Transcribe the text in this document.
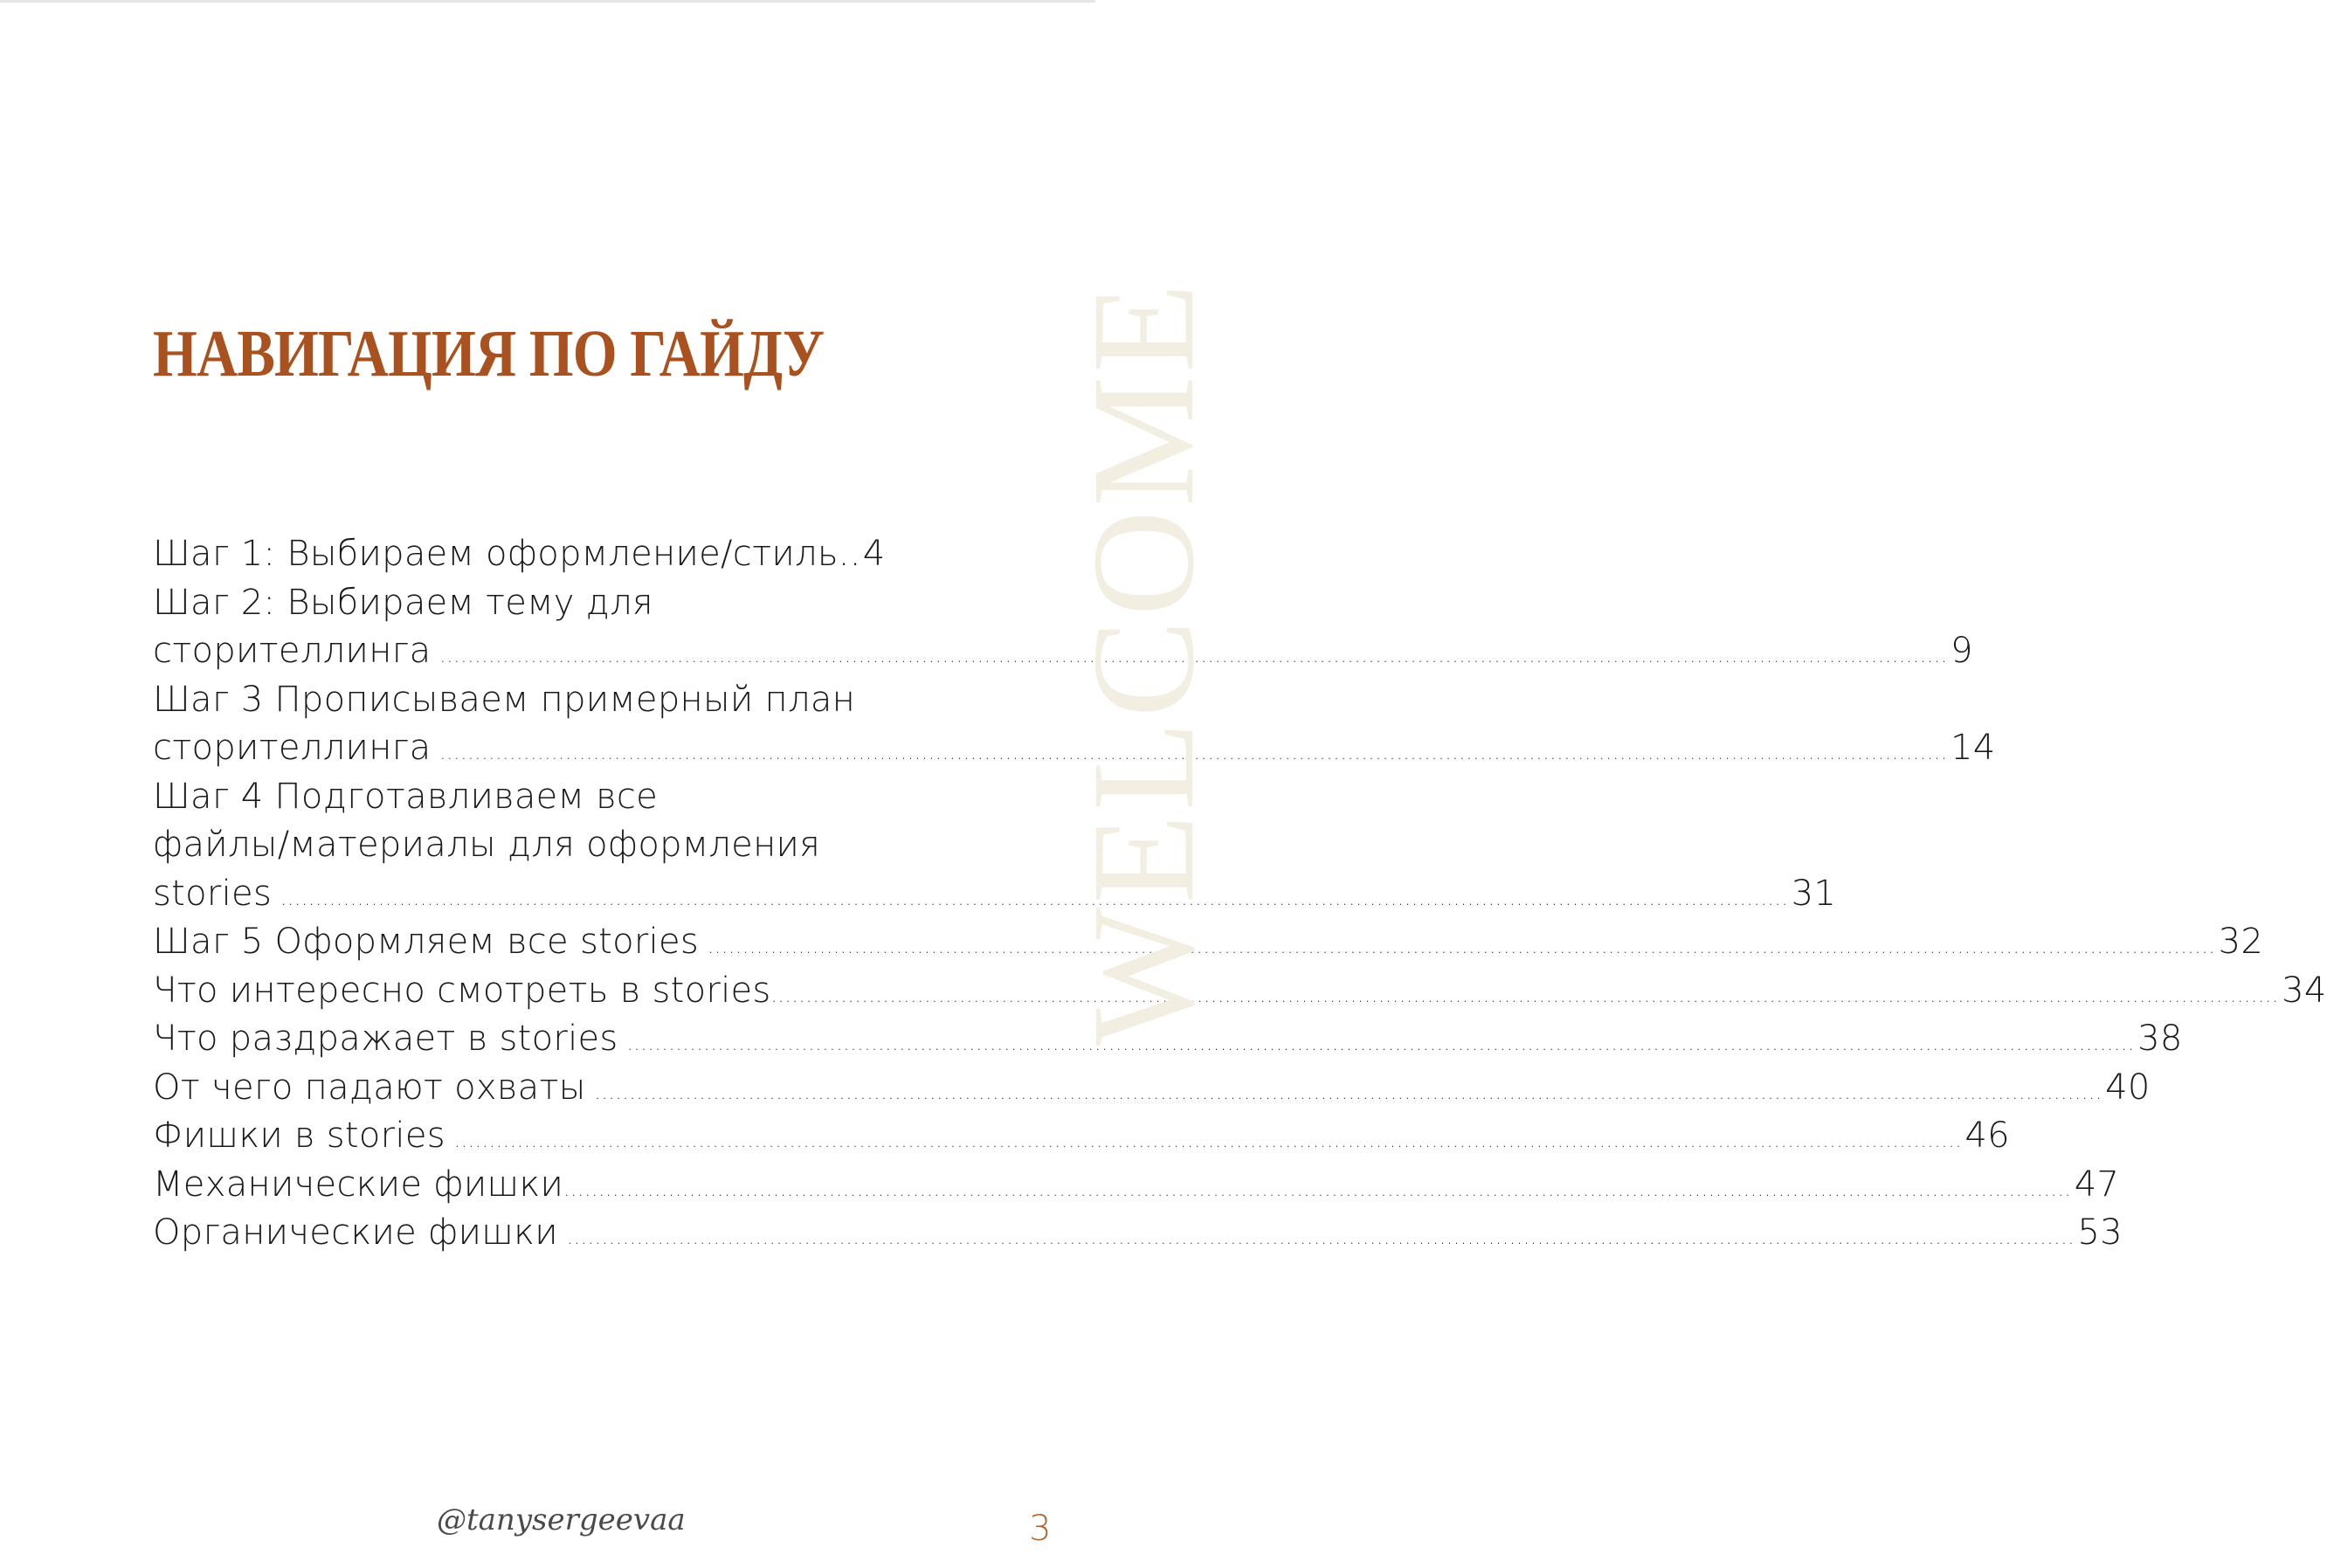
НАВИГАЦИЯ ПО ГАЙДУ
Шаг 1: Выбираем оформление/стиль.. 4
Шаг 2: Выбираем тему для
сторителлинга .....	9
Шаг 3 Прописываем примерный план
сторителлинга .....	14
Шаг 4 Подготавливаем все
файлы/материалы для оформления
stories .....	31
Шаг 5 Оформляем все stories .....	32
Что интересно смотреть в stories .....	34
Что раздражает в stories .....	38
От чего падают охваты .....	40
Фишки в stories .....	46
Механические фишки .....	47
Органические фишки .....	53
WELCOME
@tanysergeevaa	3
